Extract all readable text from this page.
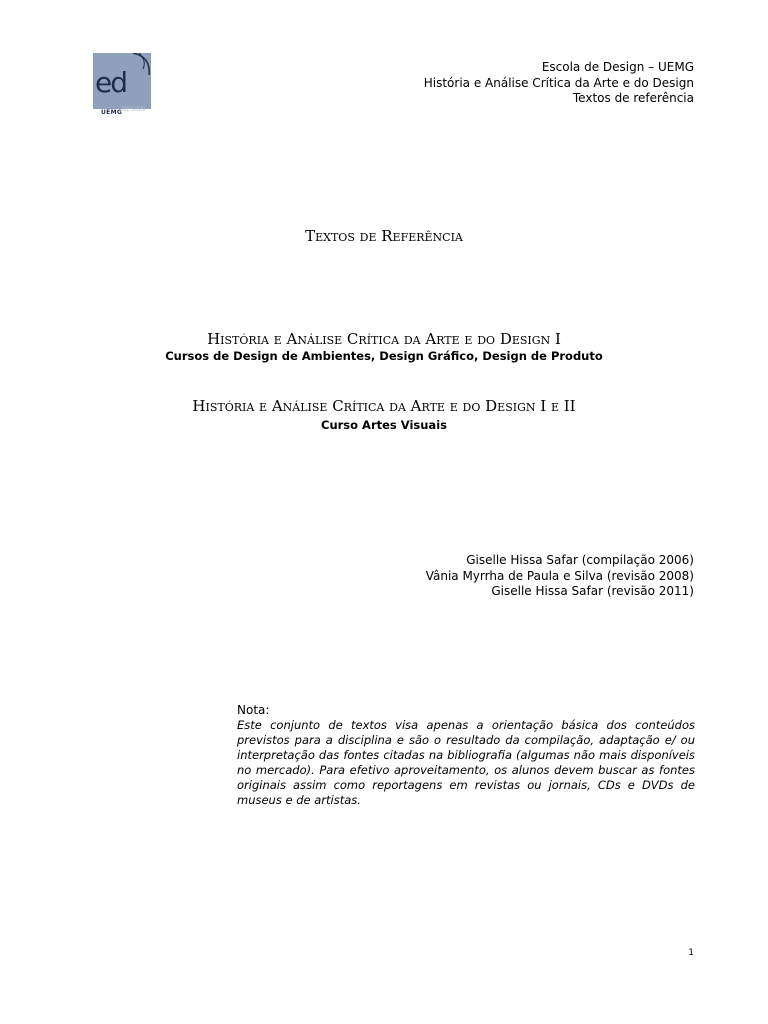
ed
UEMG DESIGN
Escola de Design – UEMG
História e Análise Crítica da Arte e do Design
Textos de referência
Textos de Referência
História e Análise Crítica da Arte e do Design I
Cursos de Design de Ambientes, Design Gráfico, Design de Produto
História e Análise Crítica da Arte e do Design I e II
Curso Artes Visuais
Giselle Hissa Safar (compilação 2006)
Vânia Myrrha de Paula e Silva (revisão 2008)
Giselle Hissa Safar (revisão 2011)
Nota:
Este conjunto de textos visa apenas a orientação básica dos conteúdos previstos para a disciplina e são o resultado da compilação, adaptação e/ ou interpretação das fontes citadas na bibliografia (algumas não mais disponíveis no mercado). Para efetivo aproveitamento, os alunos devem buscar as fontes originais assim como reportagens em revistas ou jornais, CDs e DVDs de museus e de artistas.
1
